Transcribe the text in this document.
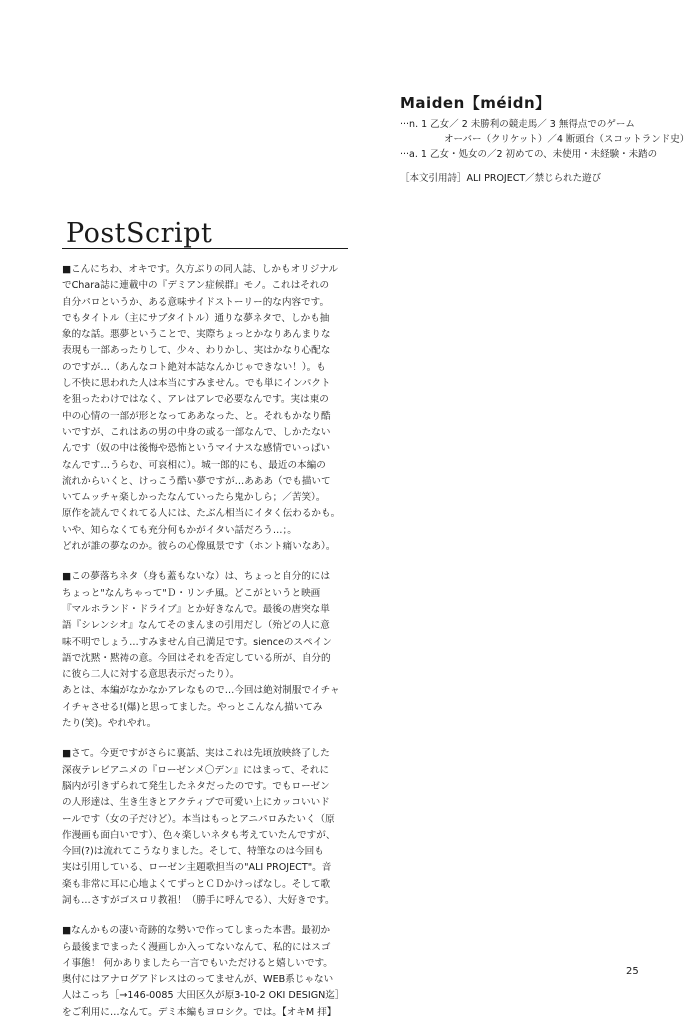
Maiden【méidn】
···n. 1 乙女／ 2 未勝利の競走馬／ 3 無得点でのゲーム
オーバー（クリケット）／4 断頭台（スコットランド史）
···a. 1 乙女・処女の／2 初めての、未使用・未経験・未踏の
［本文引用詩］ALI PROJECT／禁じられた遊び
PostScript

■こんにちわ、オキです。久方ぶりの同人誌、しかもオリジナル
でChara誌に連載中の『デミアン症候群』モノ。これはそれの
自分パロというか、ある意味サイドストーリー的な内容です。
でもタイトル（主にサブタイトル）通りな夢ネタで、しかも抽
象的な話。悪夢ということで、実際ちょっとかなりあんまりな
表現も一部あったりして、少々、わりかし、実はかなり心配な
のですが…（あんなコト絶対本誌なんかじゃできない！）。も
し不快に思われた人は本当にすみません。でも単にインパクト
を狙ったわけではなく、アレはアレで必要なんです。実は東の
中の心情の一部が形となってああなった、と。それもかなり酷
いですが、これはあの男の中身の或る一部なんで、しかたない
んです（奴の中は後悔や恐怖というマイナスな感情でいっぱい
なんです…うらむ、可哀相に）。城一郎的にも、最近の本編の
流れからいくと、けっこう酷い夢ですが…あああ（でも描いて
いてムッチャ楽しかったなんていったら鬼かしら；／苦笑）。
原作を読んでくれてる人には、たぶん相当にイタく伝わるかも。
いや、知らなくても充分何もかがイタい話だろう…；。
どれが誰の夢なのか。彼らの心像風景です（ホント痛いなあ）。

■この夢落ちネタ（身も蓋もないな）は、ちょっと自分的には
ちょっと"なんちゃって"Ｄ・リンチ風。どこがというと映画
『マルホランド・ドライブ』とか好きなんで。最後の唐突な単
語『シレンシオ』なんてそのまんまの引用だし（殆どの人に意
味不明でしょう…すみません自己満足です。sienceのスペイン
語で沈黙・黙祷の意。今回はそれを否定している所が、自分的
に彼ら二人に対する意思表示だったり）。
あとは、本編がなかなかアレなもので…今回は絶対制服でイチャ
イチャさせる!(爆)と思ってました。やっとこんなん描いてみ
たり(笑)。やれやれ。

■さて。今更ですがさらに裏話、実はこれは先頃放映終了した
深夜テレビアニメの『ローゼンメ〇デン』にはまって、それに
脳内が引きずられて発生したネタだったのです。でもローゼン
の人形達は、生き生きとアクティブで可愛い上にカッコいいド
ールです（女の子だけど）。本当はもっとアニパロみたいく（原
作漫画も面白いです）、色々楽しいネタも考えていたんですが、
今回(?)は流れてこうなりました。そして、特筆なのは今回も
実は引用している、ローゼン主題歌担当の"ALI PROJECT"。音
楽も非常に耳に心地よくてずっとＣＤかけっぱなし。そして歌
詞も…さすがゴスロリ教祖！（勝手に呼んでる）、大好きです。

■なんかもの凄い奇跡的な勢いで作ってしまった本書。最初か
ら最後までまったく漫画しか入ってないなんて、私的にはスゴ
イ事態！ 何かありましたら一言でもいただけると嬉しいです。
奥付にはアナログアドレスはのってませんが、WEB系じゃない
人はこっち［→146-0085 大田区久が原3-10-2 OKI DESIGN迄］
をご利用に…なんて。デミ本編もヨロシク。では。【オキM 拝】

25
